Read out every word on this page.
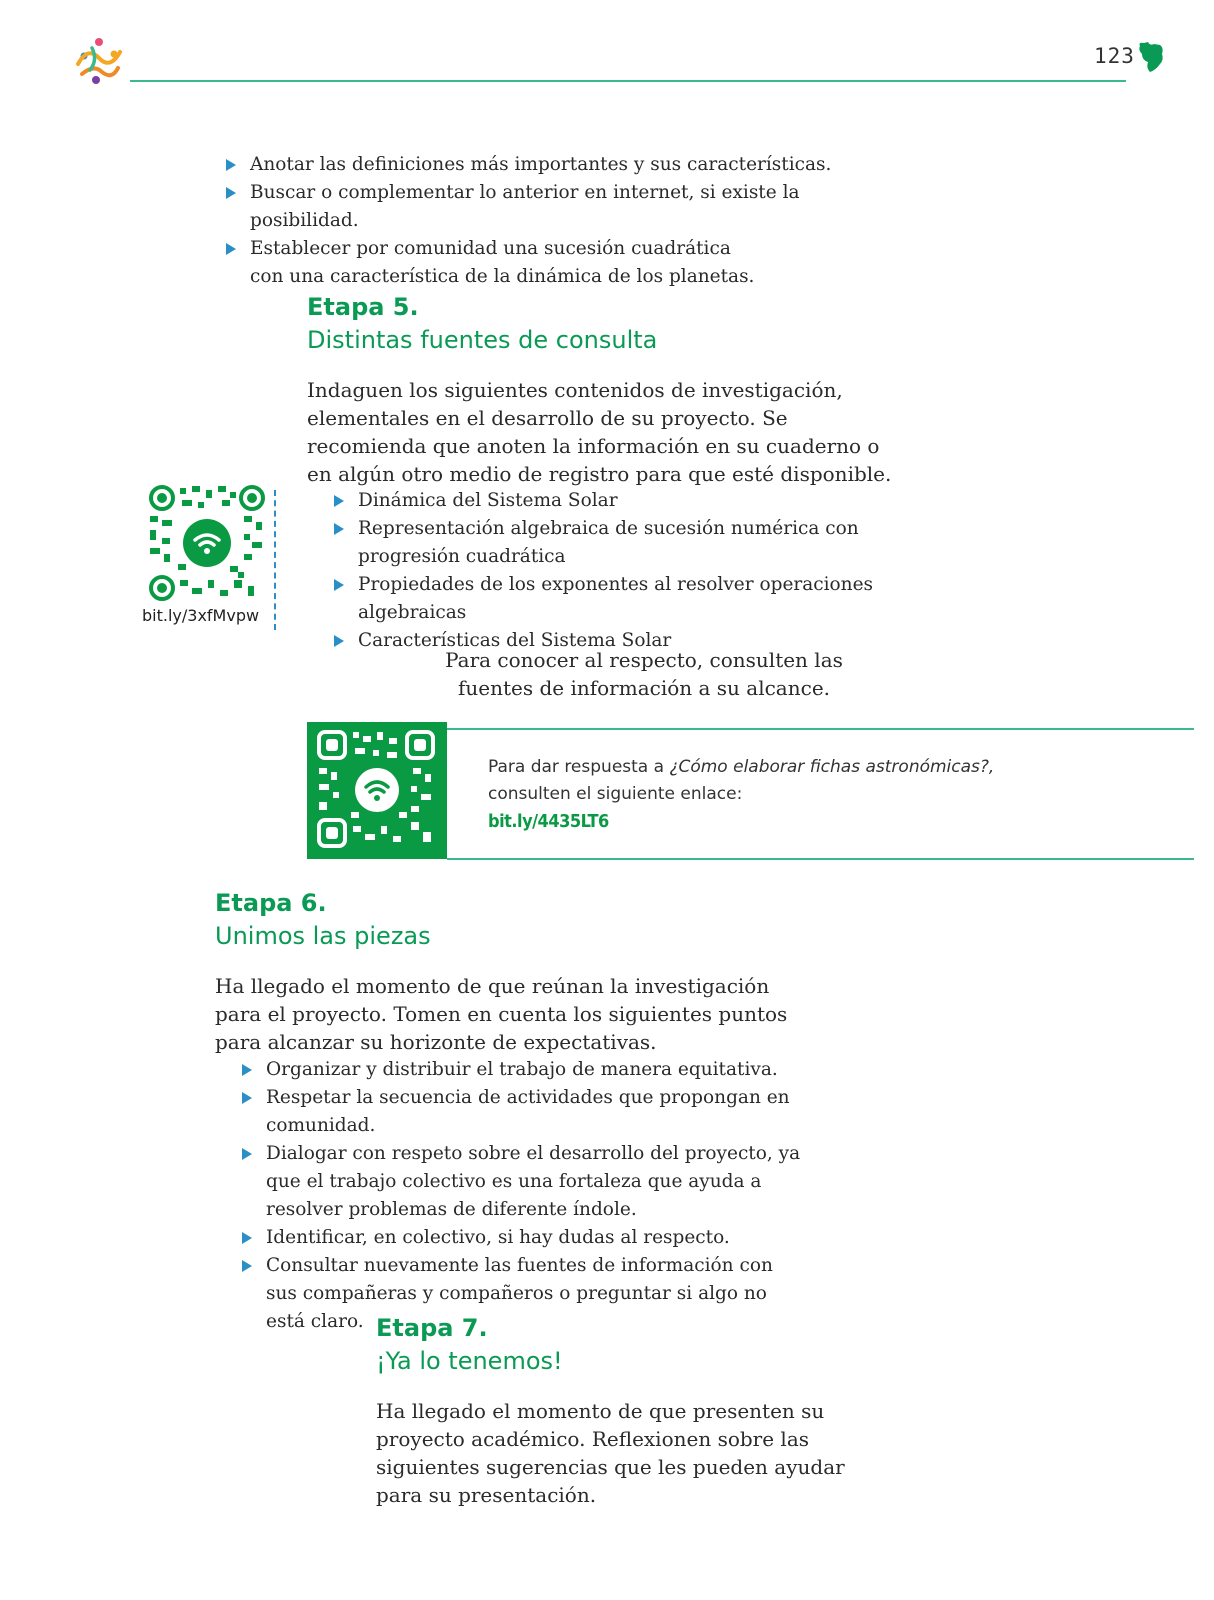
123
Anotar las definiciones más importantes y sus características.
Buscar o complementar lo anterior en internet, si existe la posibilidad.
Establecer por comunidad una sucesión cuadrática con una característica de la dinámica de los planetas.
Etapa 5.
Distintas fuentes de consulta
Indaguen los siguientes contenidos de investigación, elementales en el desarrollo de su proyecto. Se recomienda que anoten la información en su cuaderno o en algún otro medio de registro para que esté disponible.
Dinámica del Sistema Solar
Representación algebraica de sucesión numérica con progresión cuadrática
Propiedades de los exponentes al resolver operaciones algebraicas
Características del Sistema Solar
bit.ly/3xfMvpw
Para conocer al respecto, consulten las fuentes de información a su alcance.
Para dar respuesta a ¿Cómo elaborar fichas astronómicas?,
consulten el siguiente enlace:
bit.ly/4435LT6
Etapa 6.
Unimos las piezas
Ha llegado el momento de que reúnan la investigación para el proyecto. Tomen en cuenta los siguientes puntos para alcanzar su horizonte de expectativas.
Organizar y distribuir el trabajo de manera equitativa.
Respetar la secuencia de actividades que propongan en comunidad.
Dialogar con respeto sobre el desarrollo del proyecto, ya que el trabajo colectivo es una fortaleza que ayuda a resolver problemas de diferente índole.
Identificar, en colectivo, si hay dudas al respecto.
Consultar nuevamente las fuentes de información con sus compañeras y compañeros o preguntar si algo no está claro. Etapa 7.
¡Ya lo tenemos!
Ha llegado el momento de que presenten su proyecto académico. Reflexionen sobre las siguientes sugerencias que les pueden ayudar para su presentación.
